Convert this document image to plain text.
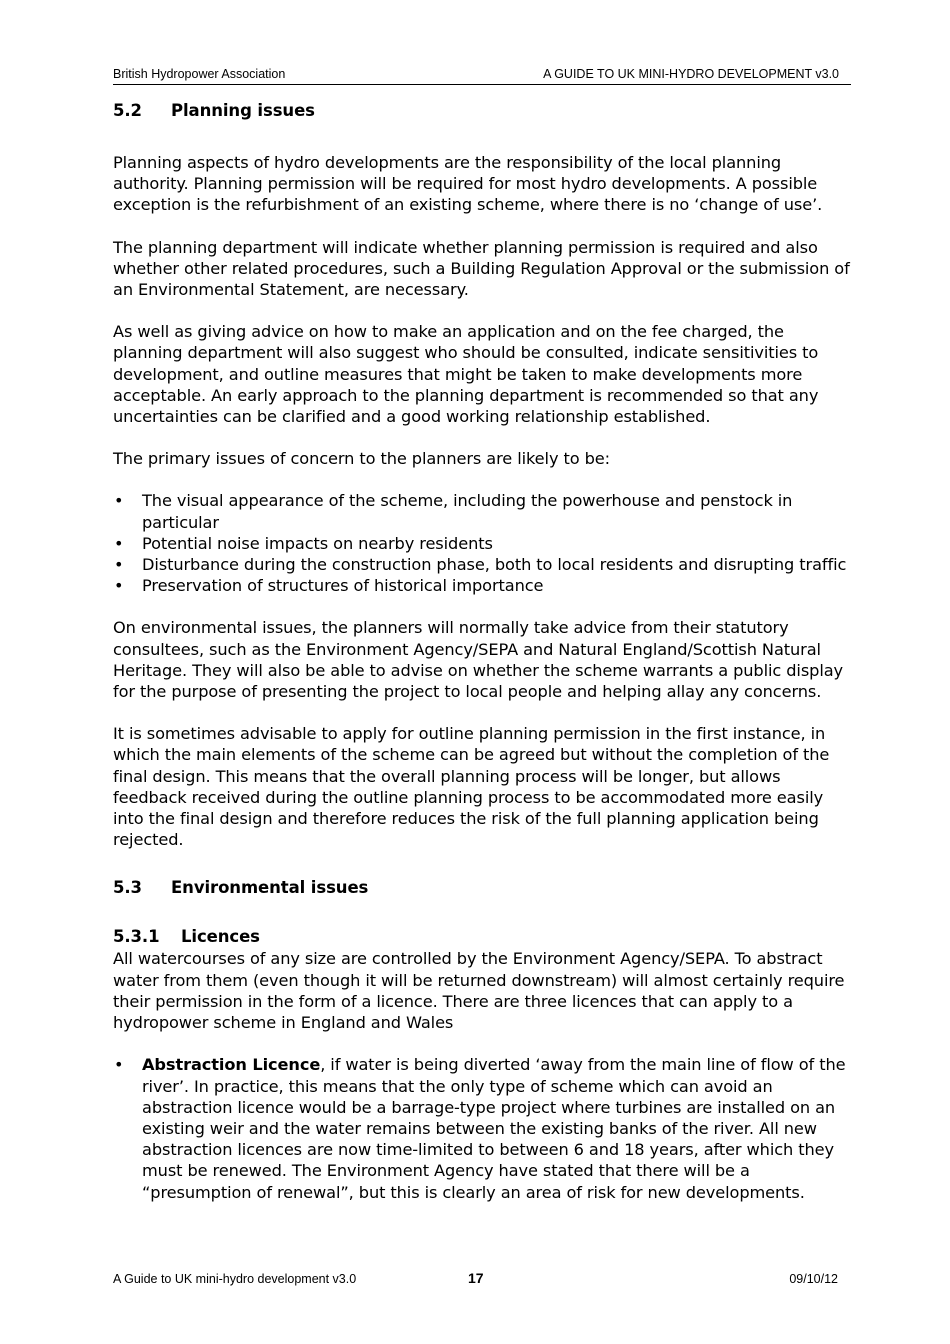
British Hydropower Association	A GUIDE TO UK MINI-HYDRO DEVELOPMENT v3.0
5.2 Planning issues

Planning aspects of hydro developments are the responsibility of the local planning authority. Planning permission will be required for most hydro developments. A possible exception is the refurbishment of an existing scheme, where there is no ‘change of use’.

The planning department will indicate whether planning permission is required and also whether other related procedures, such a Building Regulation Approval or the submission of an Environmental Statement, are necessary.

As well as giving advice on how to make an application and on the fee charged, the planning department will also suggest who should be consulted, indicate sensitivities to development, and outline measures that might be taken to make developments more acceptable. An early approach to the planning department is recommended so that any uncertainties can be clarified and a good working relationship established.

The primary issues of concern to the planners are likely to be:

• The visual appearance of the scheme, including the powerhouse and penstock in particular
• Potential noise impacts on nearby residents
• Disturbance during the construction phase, both to local residents and disrupting traffic
• Preservation of structures of historical importance

On environmental issues, the planners will normally take advice from their statutory consultees, such as the Environment Agency/SEPA and Natural England/Scottish Natural Heritage. They will also be able to advise on whether the scheme warrants a public display for the purpose of presenting the project to local people and helping allay any concerns.

It is sometimes advisable to apply for outline planning permission in the first instance, in which the main elements of the scheme can be agreed but without the completion of the final design. This means that the overall planning process will be longer, but allows feedback received during the outline planning process to be accommodated more easily into the final design and therefore reduces the risk of the full planning application being rejected.

5.3 Environmental issues
5.3.1 Licences

All watercourses of any size are controlled by the Environment Agency/SEPA. To abstract water from them (even though it will be returned downstream) will almost certainly require their permission in the form of a licence. There are three licences that can apply to a hydropower scheme in England and Wales

• Abstraction Licence, if water is being diverted ‘away from the main line of flow of the river’. In practice, this means that the only type of scheme which can avoid an abstraction licence would be a barrage-type project where turbines are installed on an existing weir and the water remains between the existing banks of the river. All new abstraction licences are now time-limited to between 6 and 18 years, after which they must be renewed. The Environment Agency have stated that there will be a “presumption of renewal”, but this is clearly an area of risk for new developments.
A Guide to UK mini-hydro development v3.0	17	09/10/12
